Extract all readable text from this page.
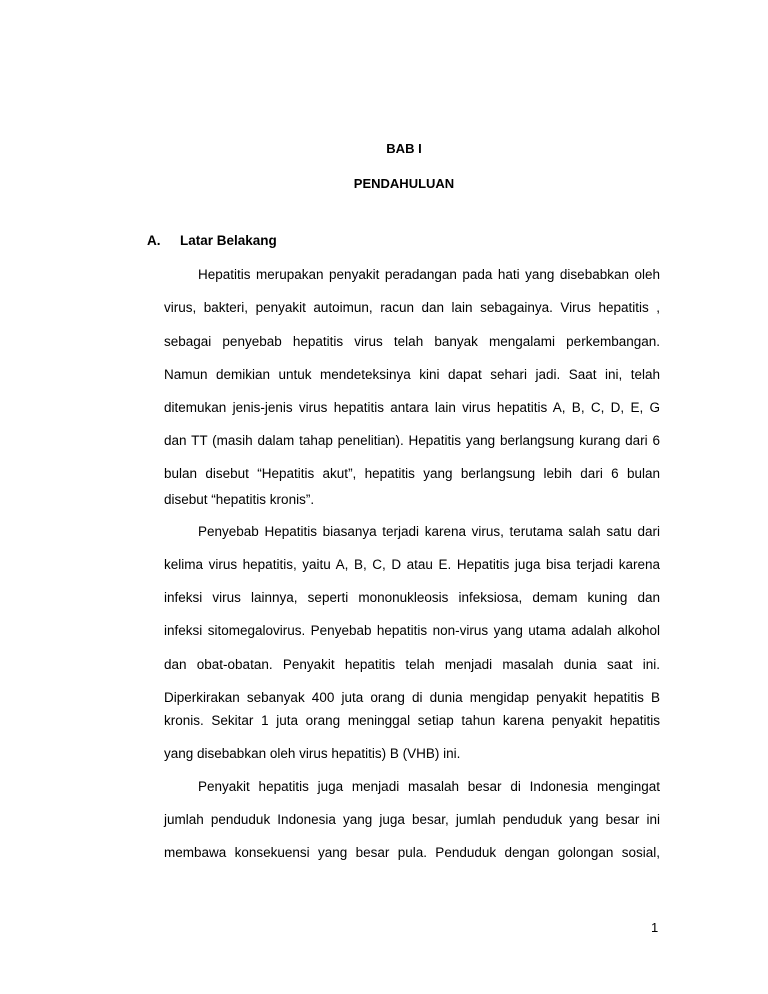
BAB I
PENDAHULUAN
A. Latar Belakang
Hepatitis merupakan penyakit peradangan pada hati yang disebabkan oleh
virus, bakteri, penyakit autoimun, racun dan lain sebagainya. Virus hepatitis ,
sebagai penyebab hepatitis virus telah banyak mengalami perkembangan.
Namun demikian untuk mendeteksinya kini dapat sehari jadi. Saat ini, telah
ditemukan jenis-jenis virus hepatitis antara lain virus hepatitis A, B, C, D, E, G
dan TT (masih dalam tahap penelitian). Hepatitis yang berlangsung kurang dari 6
bulan disebut “Hepatitis akut”, hepatitis yang berlangsung lebih dari 6 bulan
disebut “hepatitis kronis”.
Penyebab Hepatitis biasanya terjadi karena virus, terutama salah satu dari
kelima virus hepatitis, yaitu A, B, C, D atau E. Hepatitis juga bisa terjadi karena
infeksi virus lainnya, seperti mononukleosis infeksiosa, demam kuning dan
infeksi sitomegalovirus. Penyebab hepatitis non-virus yang utama adalah alkohol
dan obat-obatan. Penyakit hepatitis telah menjadi masalah dunia saat ini.
Diperkirakan sebanyak 400 juta orang di dunia mengidap penyakit hepatitis B
kronis. Sekitar 1 juta orang meninggal setiap tahun karena penyakit hepatitis
yang disebabkan oleh virus hepatitis) B (VHB) ini.
Penyakit hepatitis juga menjadi masalah besar di Indonesia mengingat
jumlah penduduk Indonesia yang juga besar, jumlah penduduk yang besar ini
membawa konsekuensi yang besar pula. Penduduk dengan golongan sosial,
1
